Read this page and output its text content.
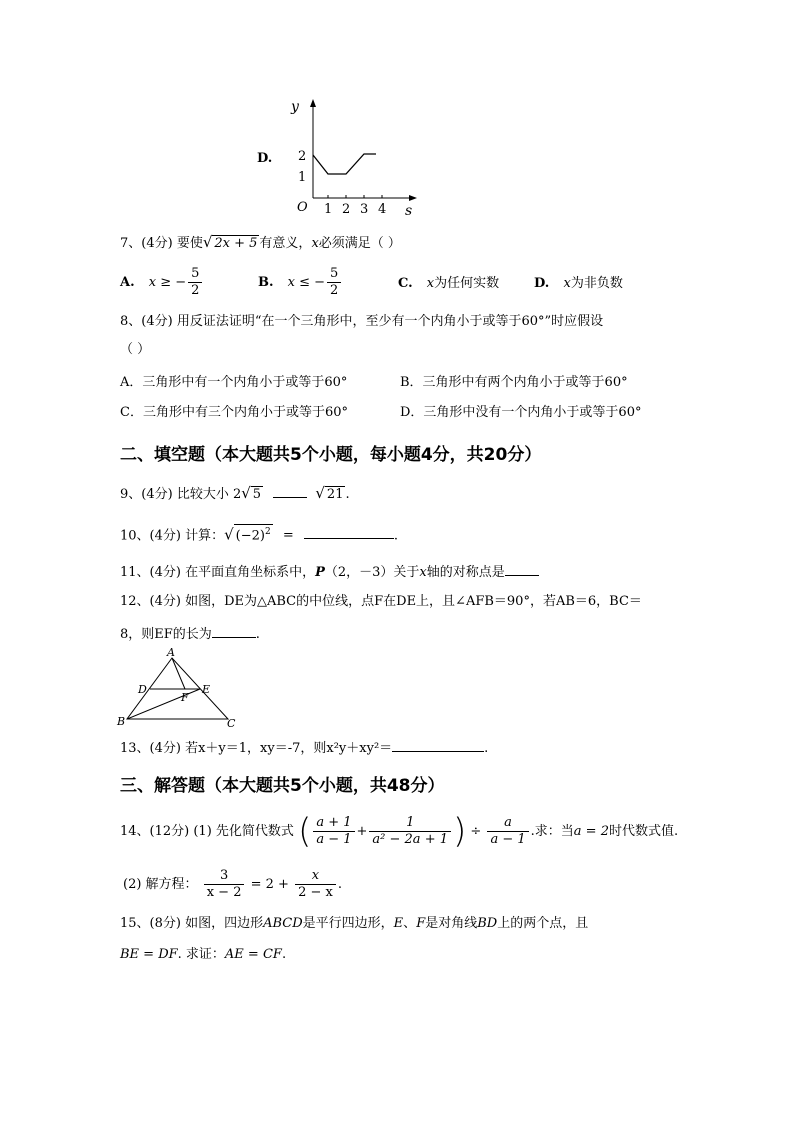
D.
y
s
O
2
1
1 2 3 4
7、(4分) 要使√ 2x + 5 有意义，x必须满足（ ）
A. x ≥ − $\frac{5}{2}$	B. x ≤ − $\frac{5}{2}$	C. x为任何实数	D. x为非负数
8、(4分) 用反证法证明“在一个三角形中，至少有一个内角小于或等于60°”时应假设
（ ）
A．三角形中有一个内角小于或等于60°	B．三角形中有两个内角小于或等于60°
C．三角形中有三个内角小于或等于60°	D．三角形中没有一个内角小于或等于60°
二、填空题（本大题共5个小题，每小题4分，共20分）
9、(4分) 比较大小 2√ 5	√ 21 .
10、(4分) 计算：√ $(-2)^2$ =	.
11、(4分) 在平面直角坐标系中，P（2，－3）关于x轴的对称点是
12、(4分) 如图，DE为△ABC的中位线，点F在DE上，且∠AFB＝90°，若AB＝6，BC＝
8，则EF的长为	.
A
B	C
D	E
F
13、(4分) 若x＋y＝1，xy＝-7，则x²y＋xy²＝	.
三、解答题（本大题共5个小题，共48分）
14、(12分) (1) 先化简代数式 ( $\frac{a + 1}{a - 1} + \frac{1}{\text{a² − 2a + 1}}$ ) ÷ $\frac{a}{a - 1}$ .求：当a = 2时代数式值.
(2) 解方程： $\frac{3}{x - 2} = 2 + \frac{x}{2 - x}$ .
15、(8分) 如图，四边形ABCD是平行四边形，E、F是对角线BD上的两个点，且
BE = DF. 求证：AE = CF.
